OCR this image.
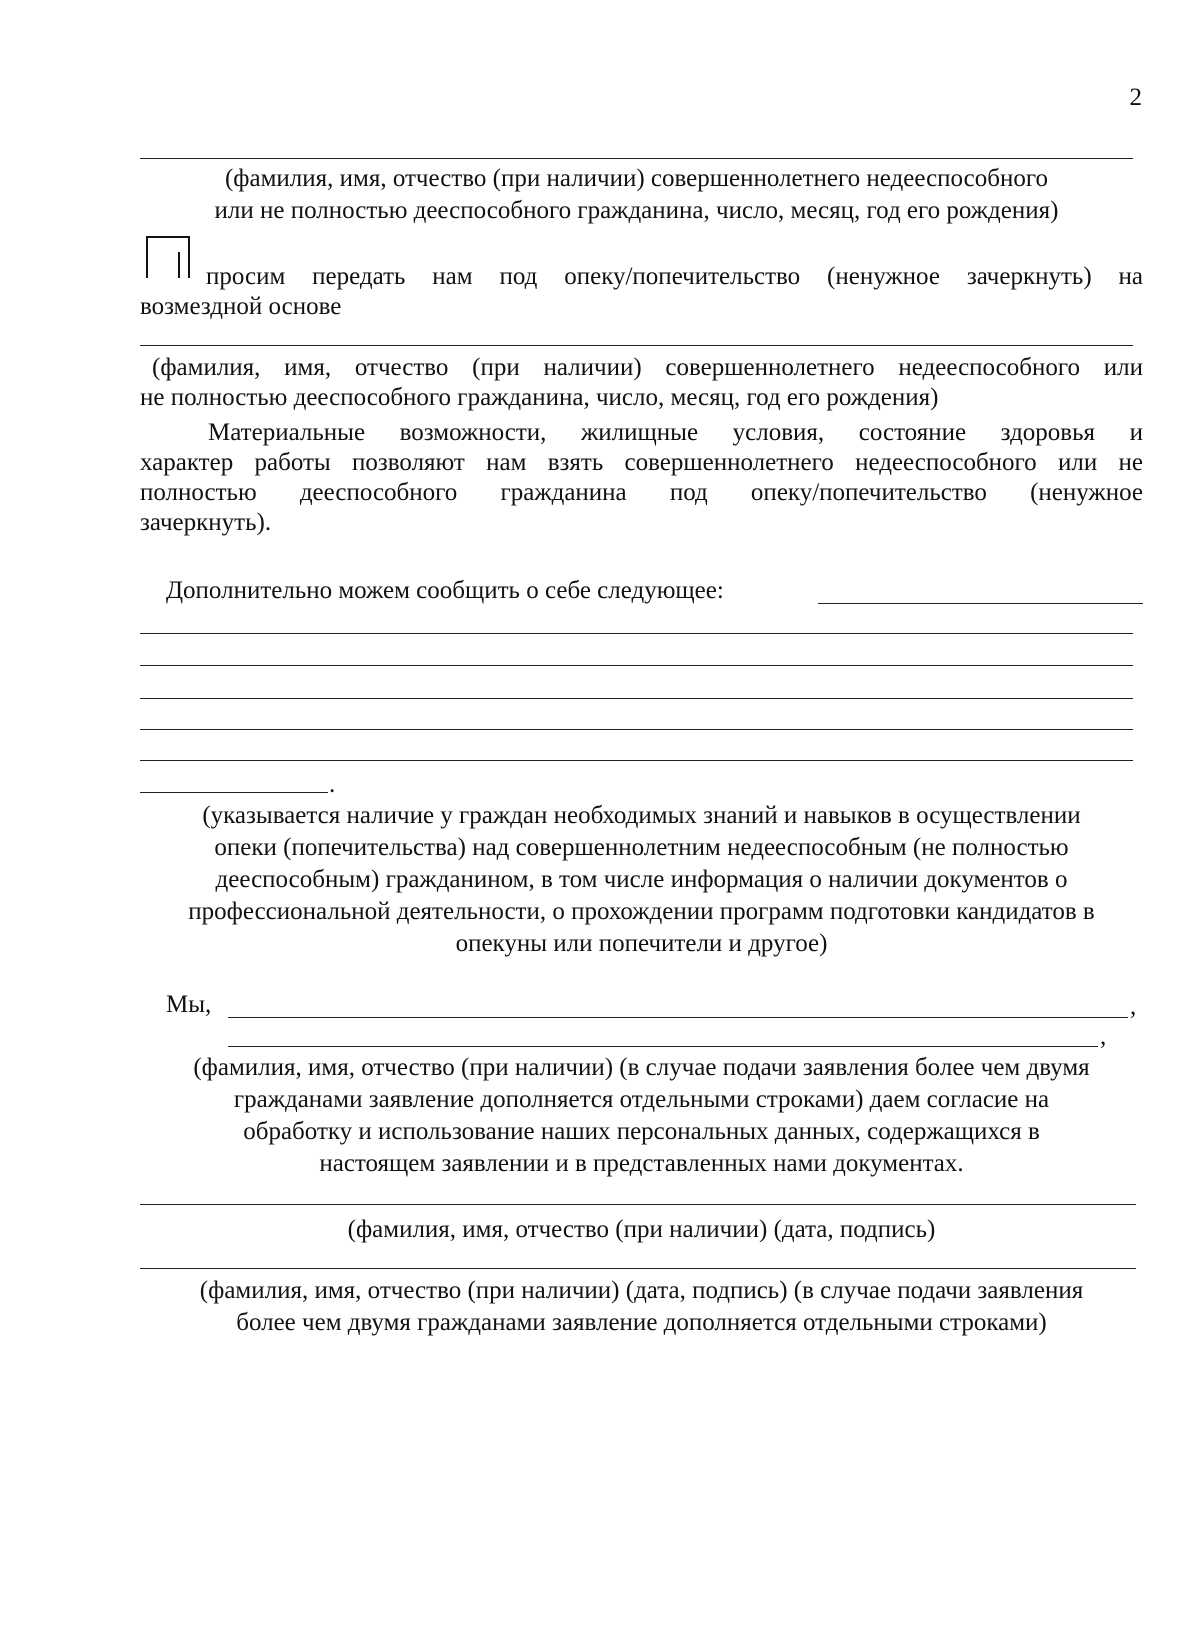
2
(фамилия, имя, отчество (при наличии) совершеннолетнего недееспособного
или не полностью дееспособного гражданина, число, месяц, год его рождения)
просим передать нам под опеку/попечительство (ненужное зачеркнуть) на
возмездной основе
(фамилия, имя, отчество (при наличии) совершеннолетнего недееспособного или
не полностью дееспособного гражданина, число, месяц, год его рождения)
Материальные возможности, жилищные условия, состояние здоровья и
характер работы позволяют нам взять совершеннолетнего недееспособного или не
полностью дееспособного гражданина под опеку/попечительство (ненужное
зачеркнуть).
Дополнительно можем сообщить о себе следующее:
.
(указывается наличие у граждан необходимых знаний и навыков в осуществлении
опеки (попечительства) над совершеннолетним недееспособным (не полностью
дееспособным) гражданином, в том числе информация о наличии документов о
профессиональной деятельности, о прохождении программ подготовки кандидатов в
опекуны или попечители и другое)
Мы,	,
,
(фамилия, имя, отчество (при наличии) (в случае подачи заявления более чем двумя
гражданами заявление дополняется отдельными строками) даем согласие на
обработку и использование наших персональных данных, содержащихся в
настоящем заявлении и в представленных нами документах.
(фамилия, имя, отчество (при наличии) (дата, подпись)
(фамилия, имя, отчество (при наличии) (дата, подпись) (в случае подачи заявления
более чем двумя гражданами заявление дополняется отдельными строками)
